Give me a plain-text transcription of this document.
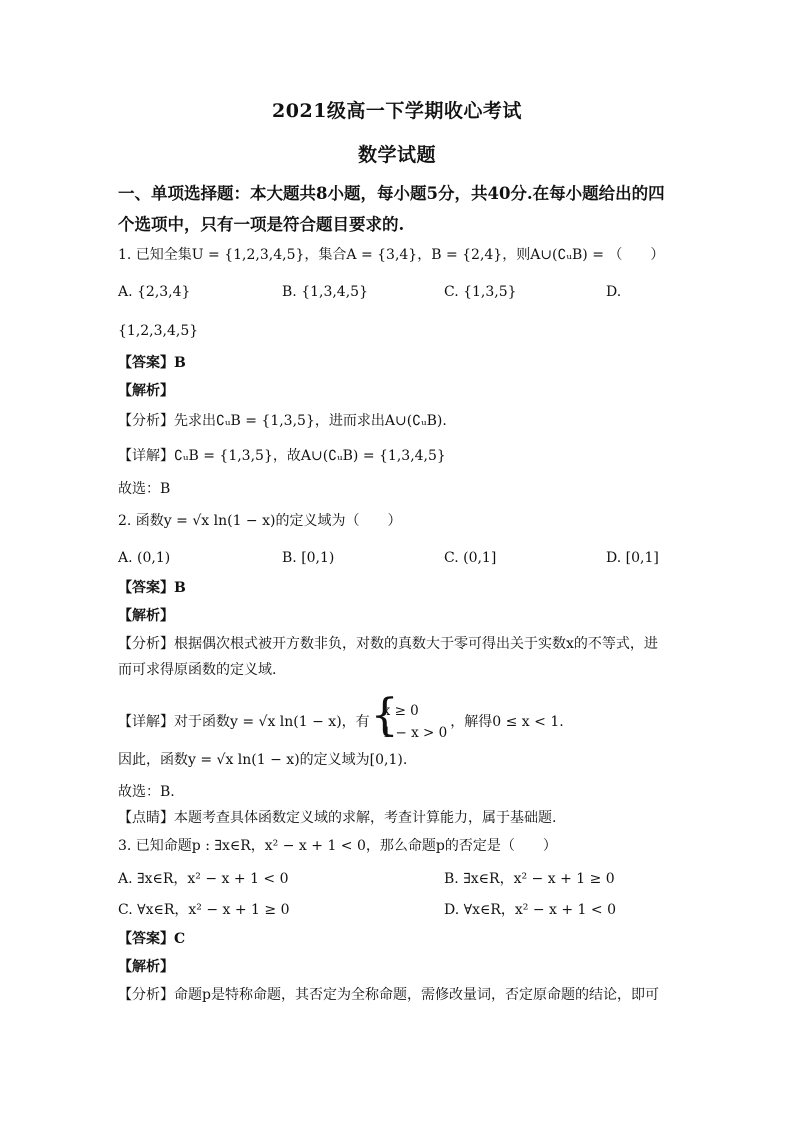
2021级高一下学期收心考试
数学试题
一、单项选择题：本大题共8小题，每小题5分，共40分.在每小题给出的四个选项中，只有一项是符合题目要求的.
1. 已知全集U = {1,2,3,4,5}，集合A = {3,4}，B = {2,4}，则A∪(∁ᵤB) = （　　）
A. {2,3,4}	B. {1,3,4,5}	C. {1,3,5}	D.
{1,2,3,4,5}
【答案】B
【解析】
【分析】先求出∁ᵤB = {1,3,5}，进而求出A∪(∁ᵤB).
【详解】∁ᵤB = {1,3,5}，故A∪(∁ᵤB) = {1,3,4,5}
故选：B
2. 函数y = √x ln(1 − x)的定义域为（　　）
A. (0,1)	B. [0,1)	C. (0,1]	D. [0,1]
【答案】B
【解析】
【分析】根据偶次根式被开方数非负，对数的真数大于零可得出关于实数x的不等式，进
而可求得原函数的定义域.
【详解】对于函数y = √x ln(1 − x)，有
{ x ≥ 0
1 − x > 0
，解得0 ≤ x < 1.
因此，函数y = √x ln(1 − x)的定义域为[0,1).
故选：B.
【点睛】本题考查具体函数定义域的求解，考查计算能力，属于基础题.
3. 已知命题p : ∃x∈R，x² − x + 1 < 0，那么命题p的否定是（　　）
A. ∃x∈R，x² − x + 1 < 0	B. ∃x∈R，x² − x + 1 ≥ 0
C. ∀x∈R，x² − x + 1 ≥ 0	D. ∀x∈R，x² − x + 1 < 0
【答案】C
【解析】
【分析】命题p是特称命题，其否定为全称命题，需修改量词，否定原命题的结论，即可
